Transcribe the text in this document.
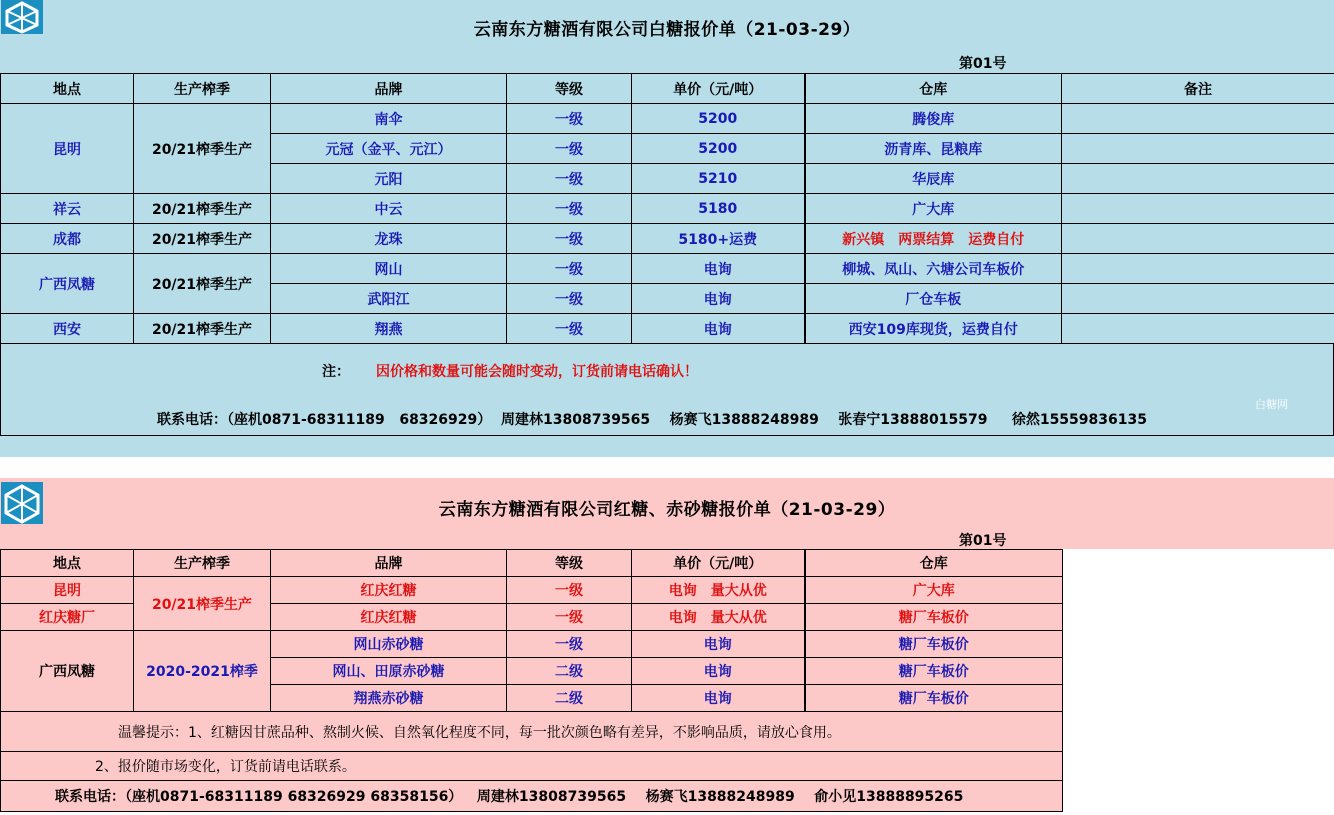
云南东方糖酒有限公司白糖报价单（21-03-29）
第01号
地点	生产榨季	品牌	等级	单价（元/吨）	仓库	备注
昆明	20/21榨季生产	南伞	一级	5200	腾俊库	
		元冠（金平、元江）	一级	5200	沥青库、昆粮库	
		元阳	一级	5210	华辰库	
祥云	20/21榨季生产	中云	一级	5180	广大库	
成都	20/21榨季生产	龙珠	一级	5180+运费	新兴镇　两票结算　运费自付	
广西凤糖	20/21榨季生产	网山	一级	电询	柳城、凤山、六塘公司车板价	
		武阳江	一级	电询	厂仓车板	
西安	20/21榨季生产	翔燕	一级	电询	西安109库现货，运费自付	
注： 因价格和数量可能会随时变动，订货前请电话确认！
联系电话：（座机0871-68311189   68326929）  周建林13808739565    杨赛飞13888248989    张春宁13888015579     徐然15559836135
白糖网
云南东方糖酒有限公司红糖、赤砂糖报价单（21-03-29）
第01号
地点	生产榨季	品牌	等级	单价（元/吨）	仓库
昆明	20/21榨季生产	红庆红糖	一级	电询　量大从优	广大库
红庆糖厂		红庆红糖	一级	电询　量大从优	糖厂车板价
广西凤糖	2020-2021榨季	网山赤砂糖	一级	电询	糖厂车板价
		网山、田原赤砂糖	二级	电询	糖厂车板价
		翔燕赤砂糖	二级	电询	糖厂车板价
温馨提示：1、红糖因甘蔗品种、熬制火候、自然氧化程度不同，每一批次颜色略有差异，不影响品质，请放心食用。					
2、报价随市场变化，订货前请电话联系。					
联系电话：（座机0871-68311189 68326929 68358156）   周建林13808739565    杨赛飞13888248989    俞小见13888895265					
